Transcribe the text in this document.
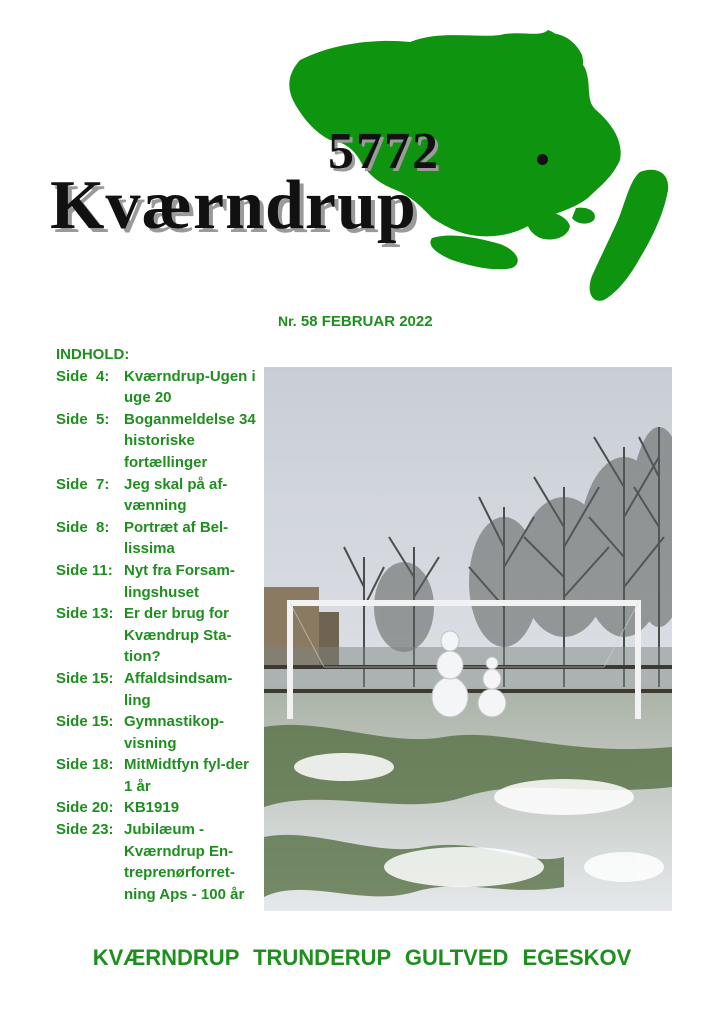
5772
Kværndrup
Nr. 58 FEBRUAR 2022
INDHOLD:
Side  4: Kværndrup-Ugen i uge 20
Side  5: Boganmeldelse 34 historiske fortællinger
Side  7: Jeg skal på af-vænning
Side  8: Portræt af Bel-lissima
Side 11: Nyt fra Forsam-lingshuset
Side 13: Er der brug for Kvændrup Sta-tion?
Side 15: Affaldsindsam-ling
Side 15: Gymnastikop-visning
Side 18: MitMidtfyn fyl-der 1 år
Side 20: KB1919
Side 23: Jubilæum - Kværndrup En-treprenørforret-ning Aps - 100 år
KVÆRNDRUP TRUNDERUP GULTVED EGESKOV
